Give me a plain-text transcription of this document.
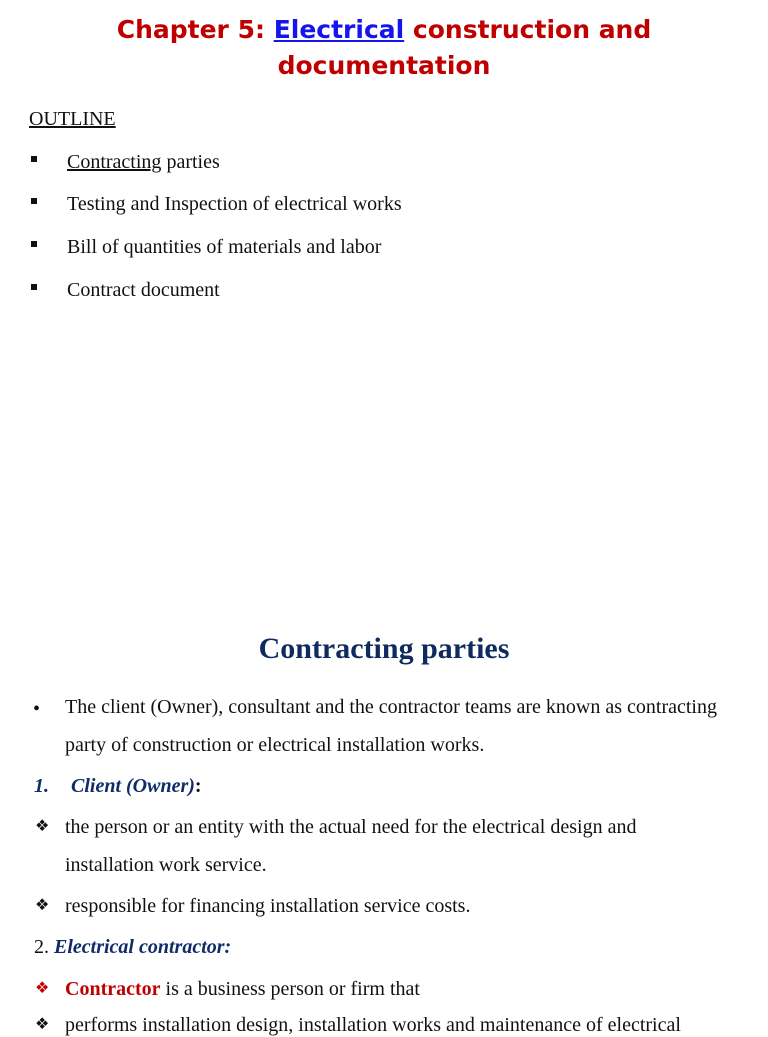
Chapter 5: Electrical construction and
documentation
OUTLINE
Contracting parties
Testing and Inspection of electrical works
Bill of quantities of materials and labor
Contract document
Contracting parties
• The client (Owner), consultant and the contractor teams are known as contracting
party of construction or electrical installation works.
1. Client (Owner):
❖ the person or an entity with the actual need for the electrical design and
installation work service.
❖ responsible for financing installation service costs.
2. Electrical contractor:
❖ Contractor is a business person or firm that
❖ performs installation design, installation works and maintenance of electrical
